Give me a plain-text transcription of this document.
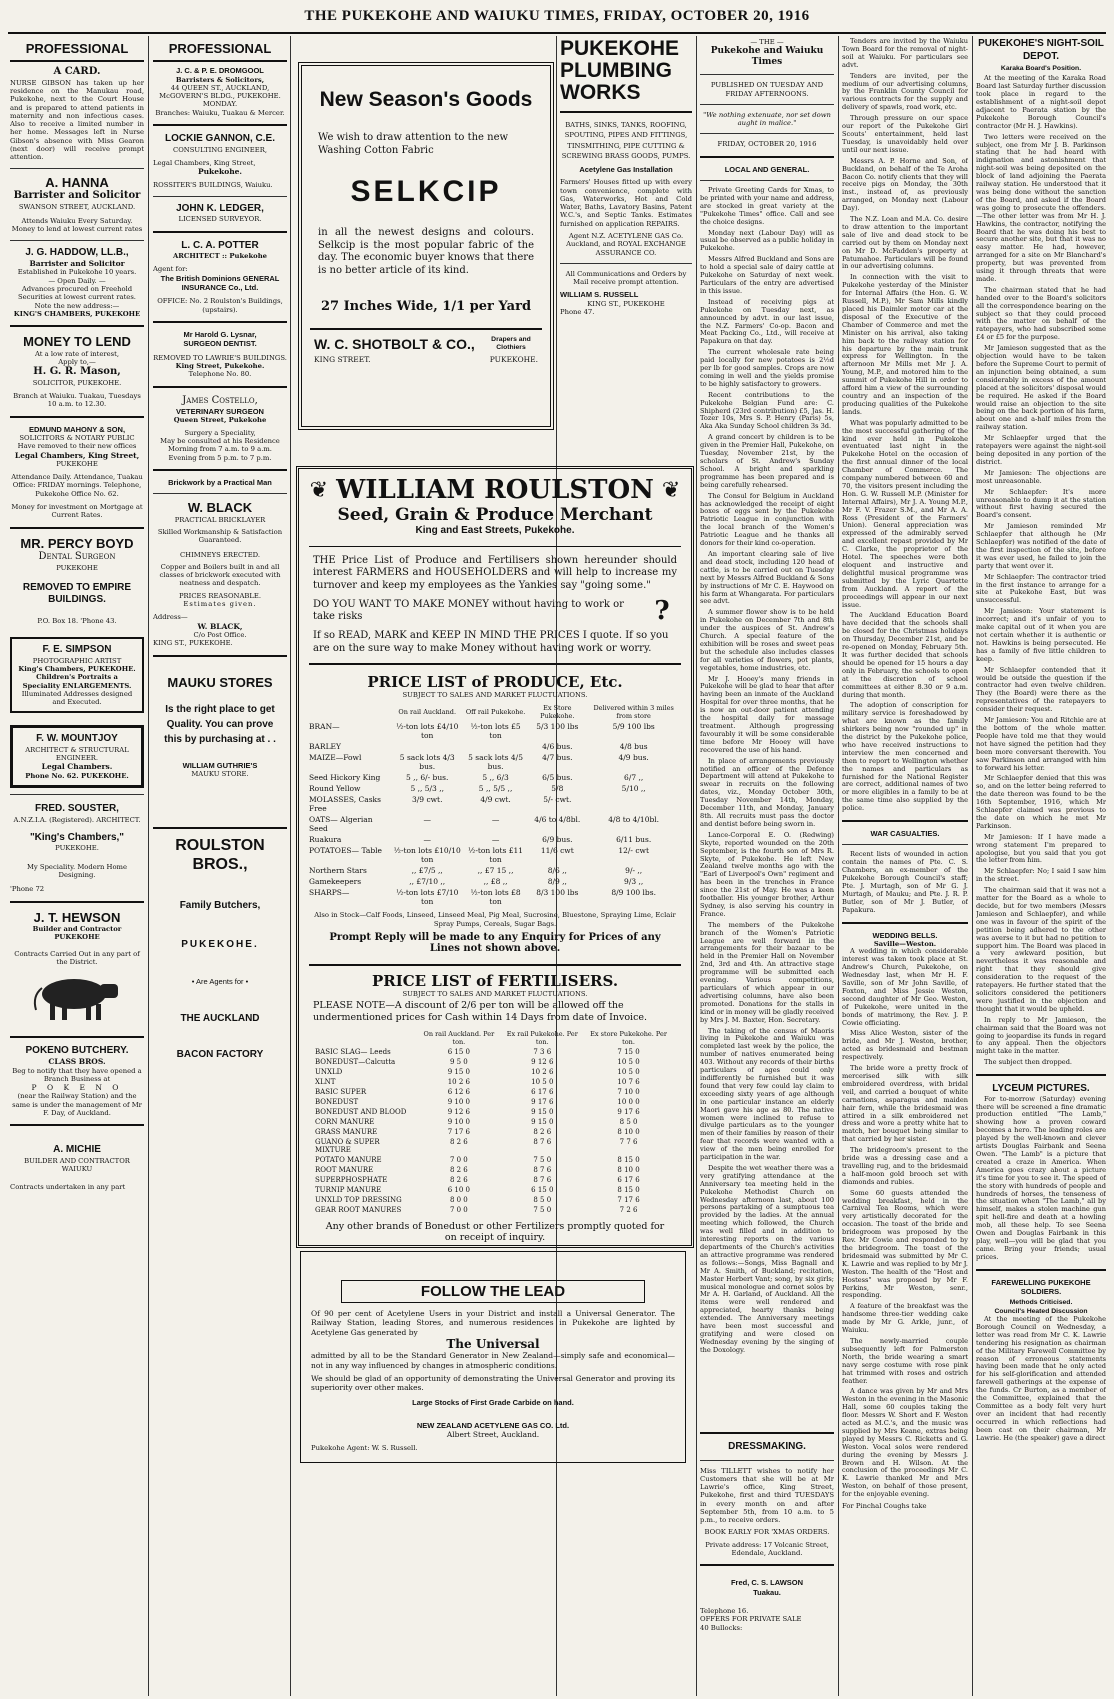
THE PUKEKOHE AND WAIUKU TIMES, FRIDAY, OCTOBER 20, 1916
PROFESSIONAL
A CARD.
NURSE GIBSON has taken up her residence on the Manukau road, Pukekohe, next to the Court House and is prepared to attend patients in maternity and non infectious cases. Also to receive a limited number in her home. Messages left in Nurse Gibson's absence with Miss Gearon (next door) will receive prompt attention.
A. HANNA
Barrister and Solicitor
SWANSON STREET, AUCKLAND.
Attends Waiuku Every Saturday. Money to lend at lowest current rates
J. G. HADDOW, LL.B.,
Barrister and Solicitor
Established in Pukekohe 10 years.
— Open Daily. —
Advances procured on Freehold Securities at lowest current rates. Note the new address:—
KING'S CHAMBERS, PUKEKOHE
MONEY TO LEND
At a low rate of interest,
Apply to,—
H. G. R. Mason,
SOLICITOR, PUKEKOHE.
Branch at Waiuku. Tuakau, Tuesdays 10 a.m. to 12.30.
EDMUND MAHONY & SON,
SOLICITORS & NOTARY PUBLIC
Have removed to their new offices
Legal Chambers, King Street,
PUKEKOHE
Attendance Daily. Attendance, Tuakau Office: FRIDAY mornings. Telephone, Pukekohe Office No. 62.
Money for investment on Mortgage at Current Rates.
MR. PERCY BOYD
Dental Surgeon
PUKEKOHE
REMOVED TO EMPIRE BUILDINGS.
P.O. Box 18. 'Phone 43.
F. E. SIMPSON
PHOTOGRAPHIC ARTIST
King's Chambers, PUKEKOHE.
Children's Portraits a Speciality ENLARGEMENTS.
Illuminated Addresses designed and Executed.
F. W. MOUNTJOY
ARCHITECT & STRUCTURAL ENGINEER.
Legal Chambers.
Phone No. 62. PUKEKOHE.
FRED. SOUSTER,
A.N.Z.I.A. (Registered). ARCHITECT.
"King's Chambers,"
PUKEKOHE.
My Speciality. Modern Home Designing.
'Phone 72
J. T. HEWSON
Builder and Contractor PUKEKOHE
Contracts Carried Out in any part of the District.
POKENO BUTCHERY.
CLASS BROS.
Beg to notify that they have opened a Branch Business at
P O K E N O
(near the Railway Station) and the same is under the management of Mr F. Day, of Auckland.
A. MICHIE
BUILDER AND CONTRACTOR WAIUKU
Contracts undertaken in any part
PROFESSIONAL
J. C. & P. E. DROMGOOL
Barristers & Solicitors,
44 QUEEN ST., AUCKLAND,
McGOVERN'S BLDG., PUKEKOHE. MONDAY.
Branches: Waiuku, Tuakau & Mercer.
LOCKIE GANNON, C.E.
CONSULTING ENGINEER,
Legal Chambers, King Street,
Pukekohe.
ROSSITER'S BUILDINGS, Waiuku.
JOHN K. LEDGER,
LICENSED SURVEYOR.
L. C. A. POTTER
ARCHITECT :: Pukekohe
Agent for:
The British Dominions GENERAL INSURANCE Co., Ltd.
OFFICE: No. 2 Roulston's Buildings, (upstairs).
Mr Harold G. Lysnar,
SURGEON DENTIST.
REMOVED TO LAWRIE'S BUILDINGS.
King Street, Pukekohe.
Telephone No. 80.
James Costello,
VETERINARY SURGEON
Queen Street, Pukekohe
Surgery a Speciality,
May be consulted at his Residence
Morning from 7 a.m. to 9 a.m.
Evening from 5 p.m. to 7 p.m.
Brickwork by a Practical Man
W. BLACK
PRACTICAL BRICKLAYER
Skilled Workmanship & Satisfaction Guaranteed.
CHIMNEYS ERECTED.
Copper and Boilers built in and all classes of brickwork executed with neatness and despatch.
PRICES REASONABLE.
Estimates given.
Address—
W. BLACK,
C/o Post Office.
KING ST., PUKEKOHE.
MAUKU STORES
Is the right place to get Quality. You can prove this by purchasing at . .
WILLIAM GUTHRIE'S
MAUKU STORE.
ROULSTON BROS.,
Family Butchers,
PUKEKOHE.
• Are Agents for •
THE AUCKLAND
BACON FACTORY
New Season's Goods
We wish to draw attention to the new Washing Cotton Fabric
SELKCIP
in all the newest designs and colours. Selkcip is the most popular fabric of the day. The economic buyer knows that there is no better article of its kind.
27 Inches Wide, 1/1 per Yard
W. C. SHOTBOLT & CO.,	Drapers and Clothiers
KING STREET.	PUKEKOHE.
PUKEKOHE PLUMBING WORKS
BATHS, SINKS, TANKS, ROOFING, SPOUTING, PIPES AND FITTINGS, TINSMITHING, PIPE CUTTING & SCREWING BRASS GOODS, PUMPS.
Acetylene Gas Installation
Farmers' Houses fitted up with every town convenience, complete with Gas, Waterworks, Hot and Cold Water, Baths, Lavatory Basins, Patent W.C.'s, and Septic Tanks. Estimates furnished on application REPAIRS.
Agent N.Z. ACETYLENE GAS Co. Auckland, and ROYAL EXCHANGE ASSURANCE CO.
All Communications and Orders by Mail receive prompt attention.
WILLIAM S. RUSSELL
KING ST., PUKEKOHE
Phone 47.
❦ WILLIAM ROULSTON ❦
Seed, Grain & Produce Merchant
King and East Streets, Pukekohe.
THE Price List of Produce and Fertilisers shown hereunder should interest FARMERS and HOUSEHOLDERS and will help to increase my turnover and keep my employees as the Yankies say "going some."
DO YOU WANT TO MAKE MONEY without having to work or take risks	?
If so READ, MARK and KEEP IN MIND THE PRICES I quote. If so you are on the sure way to make Money without having work or worry.
PRICE LIST of PRODUCE, Etc.
SUBJECT TO SALES AND MARKET FLUCTUATIONS.
	On rail Auckland.	Off rail Pukekohe.	Ex Store Pukekohe.	Delivered within 3 miles from store
BRAN—	½-ton lots £4/10 ton	½-ton lots £5 ton	5/3 100 lbs	5/9 100 lbs
BARLEY			4/6 bus.	4/8 bus
MAIZE—Fowl	5 sack lots 4/3 bus.	5 sack lots 4/5 bus.	4/7 bus.	4/9 bus.
Seed Hickory King	5 ,, 6/- bus.	5 ,, 6/3	6/5 bus.	6/7 ,,
Round Yellow	5 ,, 5/3 ,,	5 ,, 5/5 ,,	5/8	5/10 ,,
MOLASSES, Casks Free	3/9 cwt.	4/9 cwt.	5/- cwt.	
OATS— Algerian Seed	—	—	4/6 to 4/8bl.	4/8 to 4/10bl.
Ruakura	—	—	6/9 bus.	6/11 bus.
POTATOES— Table	½-ton lots £10/10 ton	½-ton lots £11 ton	11/6 cwt	12/- cwt
Northern Stars	,, £7/5 ,,	,, £7 15 ,,	8/6 ,,	9/- ,,
Gamekeepers	,, £7/10 ,,	,, £8 ,,	8/9 ,,	9/3 ,,
SHARPS—	½-ton lots £7/10 ton	½-ton lots £8 ton	8/3 100 lbs	8/9 100 lbs.
Also in Stock—Calf Foods, Linseed, Linseed Meal, Pig Meal, Sucrosine, Bluestone, Spraying Lime, Eclair Spray Pumps, Cereals, Sugar Bags.
Prompt Reply will be made to any Enquiry for Prices of any Lines not shown above.
PRICE LIST of FERTILISERS.
SUBJECT TO SALES AND MARKET FLUCTUATIONS.
PLEASE NOTE—A discount of 2/6 per ton will be allowed off the undermentioned prices for Cash within 14 Days from date of Invoice.
	On rail Auckland. Per ton.	Ex rail Pukekohe. Per ton.	Ex store Pukekohe. Per ton.
BASIC SLAG— Leeds	6 15 0	7 3 6	7 15 0
BONEDUST—Calcutta	9 5 0	9 12 6	10 5 0
UNXLD	9 15 0	10 2 6	10 5 0
XLNT	10 2 6	10 5 0	10 7 6
BASIC SUPER	6 12 6	6 17 6	7 10 0
BONEDUST	9 10 0	9 17 6	10 0 0
BONEDUST AND BLOOD	9 12 6	9 15 0	9 17 6
CORN MANURE	9 10 0	9 15 0	8 5 0
GRASS MANURE	7 17 6	8 2 6	8 10 0
GUANO & SUPER MIXTURE	8 2 6	8 7 6	7 7 6
POTATO MANURE	7 0 0	7 5 0	8 15 0
ROOT MANURE	8 2 6	8 7 6	8 10 0
SUPERPHOSPHATE	8 2 6	8 7 6	6 17 6
TURNIP MANURE	6 10 0	6 15 0	8 15 0
UNXLD TOP DRESSING	8 0 0	8 5 0	7 17 6
GEAR ROOT MANURES	7 0 0	7 5 0	7 2 6
Any other brands of Bonedust or other Fertilizers promptly quoted for on receipt of inquiry.
FOLLOW THE LEAD
Of 90 per cent of Acetylene Users in your District and install a Universal Generator. The Railway Station, leading Stores, and numerous residences in Pukekohe are lighted by Acetylene Gas generated by
The Universal
admitted by all to be the Standard Generator in New Zealand—simply safe and economical—not in any way influenced by changes in atmospheric conditions.
We should be glad of an opportunity of demonstrating the Universal Generator and proving its superiority over other makes.
Large Stocks of First Grade Carbide on hand.
NEW ZEALAND ACETYLENE GAS CO. Ltd.
Albert Street, Auckland.
Pukekohe Agent: W. S. Russell.
— THE —
Pukekohe and Waiuku Times
PUBLISHED ON TUESDAY AND FRIDAY AFTERNOONS.
"We nothing extenuate, nor set down aught in malice."
FRIDAY, OCTOBER 20, 1916
LOCAL AND GENERAL.

Private Greeting Cards for Xmas, to be printed with your name and address, are stocked in great variety at the "Pukekohe Times" office. Call and see the choice designs.

Monday next (Labour Day) will as usual be observed as a public holiday in Pukekohe.

Messrs Alfred Buckland and Sons are to hold a special sale of dairy cattle at Pukekohe on Saturday of next week. Particulars of the entry are advertised in this issue.

Instead of receiving pigs at Pukekohe on Tuesday next, as announced by advt. in our last issue, the N.Z. Farmers' Co-op. Bacon and Meat Packing Co., Ltd., will receive at Papakura on that day.

The current wholesale rate being paid locally for new potatoes is 2½d per lb for good samples. Crops are now coming in well and the yields promise to be highly satisfactory to growers.

Recent contributions to the Pukekohe Belgian Fund are: C. Shipherd (23rd contribution) £5, Jas. H. Tozer 10s, Mrs S. P. Henry (Paris) 5s, Aka Aka Sunday School children 3s 3d.

A grand concert by children is to be given in the Premier Hall, Pukekohe, on Tuesday, November 21st, by the scholars of St. Andrew's Sunday School. A bright and sparkling programme has been prepared and is being carefully rehearsed.

The Consul for Belgium in Auckland has acknowledged the receipt of eight boxes of eggs sent by the Pukekohe Patriotic League in conjunction with the local branch of the Women's Patriotic League and he thanks all donors for their kind co-operation.

An important clearing sale of live and dead stock, including 120 head of cattle, is to be carried out on Tuesday next by Messrs Alfred Buckland & Sons by instructions of Mr C. E. Haywood on his farm at Whangarata. For particulars see advt.

A summer flower show is to be held in Pukekohe on December 7th and 8th under the auspices of St. Andrew's Church. A special feature of the exhibition will be roses and sweet peas but the schedule also includes classes for all varieties of flowers, pot plants, vegetables, home industries, etc.

Mr J. Hooey's many friends in Pukekohe will be glad to hear that after having been an inmate of the Auckland Hospital for over three months, that he is now an out-door patient attending the hospital daily for massage treatment. Although progressing favourably it will be some considerable time before Mr Hooey will have recovered the use of his hand.

In place of arrangements previously notified an officer of the Defence Department will attend at Pukekohe to swear in recruits on the following dates, viz., Monday October 30th, Tuesday November 14th, Monday, December 11th, and Monday, January 8th. All recruits must pass the doctor and dentist before being sworn in.

Lance-Corporal E. O. (Redwing) Skyte, reported wounded on the 20th September, is the fourth son of Mrs R. Skyte, of Pukekohe. He left New Zealand twelve months ago with the "Earl of Liverpool's Own" regiment and has been in the trenches in France since the 21st of May. He was a keen footballer. His younger brother, Arthur Sydney, is also serving his country in France.

The members of the Pukekohe branch of the Women's Patriotic League are well forward in the arrangements for their bazaar to be held in the Premier Hall on November 2nd, 3rd and 4th. An attractive stage programme will be submitted each evening. Various competitions, particulars of which appear in our advertising columns, have also been promoted. Donations for the stalls in kind or in money will be gladly received by Mrs J. M. Baxter, Hon. Secretary.

The taking of the census of Maoris living in Pukekohe and Waiuku was completed last week by the police, the number of natives enumerated being 403. Without any records of their births particulars of ages could only indifferently be furnished but it was found that very few could lay claim to exceeding sixty years of age although in one particular instance an elderly Maori gave his age as 80. The native women were inclined to refuse to divulge particulars as to the younger men of their families by reason of their fear that records were wanted with a view of the men being enrolled for participation in the war.

Despite the wet weather there was a very gratifying attendance at the Anniversary tea meeting held in the Pukekohe Methodist Church on Wednesday afternoon last, about 100 persons partaking of a sumptuous tea provided by the ladies. At the annual meeting which followed, the Church was well filled and in addition to interesting reports on the various departments of the Church's activities an attractive programme was rendered as follows:—Songs, Miss Bagnall and Mr A. Smith, of Buckland; recitation, Master Herbert Vant; song, by six girls; musical monologue and cornet solos by Mr A. H. Garland, of Auckland. All the items were well rendered and appreciated, hearty thanks being extended. The Anniversary meetings have been most successful and gratifying and were closed on Wednesday evening by the singing of the Doxology.

DRESSMAKING.
Miss TILLETT wishes to notify her Customers that she will be at Mr Lawrie's office, King Street, Pukekohe, first and third TUESDAYS in every month on and after September 5th, from 10 a.m. to 5 p.m., to receive orders.
BOOK EARLY FOR 'XMAS ORDERS.
Private address: 17 Volcanic Street, Edendale, Auckland.
Fred, C. S. LAWSON
Tuakau.
Telephone 16.
OFFERS FOR PRIVATE SALE
40 Bullocks:

Tenders are invited by the Waiuku Town Board for the removal of night-soil at Waiuku. For particulars see advt.

Tenders are invited, per the medium of our advertising columns, by the Franklin County Council for various contracts for the supply and delivery of spawls, road work, etc.

Through pressure on our space our report of the Pukekohe Girl Scouts' entertainment, held last Tuesday, is unavoidably held over until our next issue.

Messrs A. P. Horne and Son, of Buckland, on behalf of the Te Aroha Bacon Co. notify clients that they will receive pigs on Monday, the 30th inst., instead of, as previously arranged, on Monday next (Labour Day).

The N.Z. Loan and M.A. Co. desire to draw attention to the important sale of live and dead stock to be carried out by them on Monday next on Mr D. McFadden's property at Patumahoe. Particulars will be found in our advertising columns.

In connection with the visit to Pukekohe yesterday of the Minister for Internal Affairs (the Hon. G. W. Russell, M.P.), Mr Sam Mills kindly placed his Daimler motor car at the disposal of the Executive of the Chamber of Commerce and met the Minister on his arrival, also taking him back to the railway station for his departure by the main trunk express for Wellington. In the afternoon Mr Mills met Mr J. A. Young, M.P., and motored him to the summit of Pukekohe Hill in order to afford him a view of the surrounding country and an inspection of the producing qualities of the Pukekohe lands.

What was popularly admitted to be the most successful gathering of the kind ever held in Pukekohe eventuated last night in the Pukekohe Hotel on the occasion of the first annual dinner of the local Chamber of Commerce. The company numbered between 60 and 70, the visitors present including the Hon. G. W. Russell M.P. (Minister for Internal Affairs), Mr J. A. Young M.P., Mr F. V. Frazer S.M., and Mr A. A. Ross (President of the Farmers' Union). General appreciation was expressed of the admirably served and excellent repast provided by Mr C. Clarke, the proprietor of the Hotel. The speeches were both eloquent and instructive and delightful musical programme was submitted by the Lyric Quartette from Auckland. A report of the proceedings will appear in our next issue.

The Auckland Education Board have decided that the schools shall be closed for the Christmas holidays on Thursday, December 21st, and be re-opened on Monday, February 5th. It was further decided that schools should be opened for 15 hours a day only in February, the schools to open at the discretion of school committees at either 8.30 or 9 a.m. during that month.

The adoption of conscription for military service is foreshadowed by what are known as the family shirkers being now "rounded up" in the district by the Pukekohe police, who have received instructions to interview the men concerned and then to report to Wellington whether the names and particulars as furnished for the National Register are correct, additional names of two or more eligibles in a family to be at the same time also supplied by the police.

WAR CASUALTIES.

Recent lists of wounded in action contain the names of Pte. C. S. Chambers, an ex-member of the Pukekohe Borough Council's staff; Pte. J. Murtagh, son of Mr G. J. Murtagh, of Mauku; and Pte. J. R. P. Butler, son of Mr J. Butler, of Papakura.

WEDDING BELLS.
Saville—Weston.

A wedding in which considerable interest was taken took place at St. Andrew's Church, Pukekohe, on Wednesday last, when Mr H. F. Saville, son of Mr John Saville, of Foxton, and Miss Jessie Weston, second daughter of Mr Geo. Weston, of Pukekohe, were united in the bonds of matrimony, the Rev. J. P. Cowie officiating.

Miss Alice Weston, sister of the bride, and Mr J. Weston, brother, acted as bridesmaid and bestman respectively.

The bride wore a pretty frock of mercerised silk with silk embroidered overdress, with bridal veil, and carried a bouquet of white carnations, asparagus and maiden hair fern, while the bridesmaid was attired in a silk embroidered net dress and wore a pretty white hat to match, her bouquet being similar to that carried by her sister.

The bridegroom's present to the bride was a dressing case and a travelling rug, and to the bridesmaid a half-moon gold brooch set with diamonds and rubies.

Some 60 guests attended the wedding breakfast, held in the Carnival Tea Rooms, which were very artistically decorated for the occasion. The toast of the bride and bridegroom was proposed by the Rev. Mr Cowie and responded to by the bridegroom. The toast of the bridesmaid was submitted by Mr C. K. Lawrie and was replied to by Mr J. Weston. The health of the "Host and Hostess" was proposed by Mr F. Perkins, Mr Weston, senr., responding.

A feature of the breakfast was the handsome three-tier wedding cake made by Mr G. Arkle, junr., of Waiuku.

The newly-married couple subsequently left for Palmerston North, the bride wearing a smart navy serge costume with rose pink hat trimmed with roses and ostrich feather.

A dance was given by Mr and Mrs Weston in the evening in the Masonic Hall, some 60 couples taking the floor. Messrs W. Short and F. Weston acted as M.C.'s, and the music was supplied by Mrs Keane, extras being played by Messrs C. Ricketts and G. Weston. Vocal solos were rendered during the evening by Messrs J. Brown and H. Wilson. At the conclusion of the proceedings Mr C. K. Lawrie thanked Mr and Mrs Weston, on behalf of those present, for the enjoyable evening.

For Pinchal Coughs take
PUKEKOHE'S NIGHT-SOIL DEPOT.
Karaka Board's Position.

At the meeting of the Karaka Road Board last Saturday further discussion took place in regard to the establishment of a night-soil depot adjacent to Paerata station by the Pukekohe Borough Council's contractor (Mr H. J. Hawkins).

Two letters were received on the subject, one from Mr J. B. Parkinson stating that he had heard with indignation and astonishment that night-soil was being deposited on the block of land adjoining the Paerata railway station. He understood that it was being done without the sanction of the Board, and asked if the Board was going to prosecute the offenders.—The other letter was from Mr H. J. Hawkins, the contractor, notifying the Board that he was doing his best to secure another site, but that it was no easy matter. He had, however, arranged for a site on Mr Blanchard's property, but was prevented from using it through threats that were made.

The chairman stated that he had handed over to the Board's solicitors all the correspondence bearing on the subject so that they could proceed with the matter on behalf of the ratepayers, who had subscribed some £4 or £5 for the purpose.

Mr Jamieson suggested that as the objection would have to be taken before the Supreme Court to permit of an injunction being obtained, a sum considerably in excess of the amount placed at the solicitors' disposal would be required. He asked if the Board would raise an objection to the site being on the back portion of his farm, about one and a-half miles from the railway station.

Mr Schlaepfer urged that the ratepayers were against the night-soil being deposited in any portion of the district.

Mr Jamieson: The objections are most unreasonable.

Mr Schlaepfer: It's more unreasonable to dump it at the station without first having secured the Board's consent.

Mr Jamieson reminded Mr Schlaepfer that although he (Mr Schlaepfer) was notified of the date of the first inspection of the site, before it was ever used, he failed to join the party that went over it.

Mr Schlaepfer: The contractor tried in the first instance to arrange for a site at Pukekohe East, but was unsuccessful.

Mr Jamieson: Your statement is incorrect; and it's unfair of you to make capital out of it when you are not certain whether it is authentic or not. Hawkins is being persecuted. He has a family of five little children to keep.

Mr Schlaepfer contended that it would be outside the question if the contractor had even twelve children. They (the Board) were there as the representatives of the ratepayers to consider their request.

Mr Jamieson: You and Ritchie are at the bottom of the whole matter. People have told me that they would not have signed the petition had they been more conversant therewith. You saw Parkinson and arranged with him to forward his letter.

Mr Schlaepfer denied that this was so, and on the letter being referred to the date thereon was found to be the 16th September, 1916, which Mr Schlaepfer claimed was previous to the date on which he met Mr Parkinson.

Mr Jamieson: If I have made a wrong statement I'm prepared to apologise, but you said that you got the letter from him.

Mr Schlaepfer: No; I said I saw him in the street.

The chairman said that it was not a matter for the Board as a whole to decide, but for two members (Messrs Jamieson and Schlaepfer), and while one was in favour of the spirit of the petition being adhered to the other was averse to it but had no petition to support him. The Board was placed in a very awkward position, but nevertheless it was reasonable and right that they should give consideration to the request of the ratepayers. He further stated that the solicitors considered the petitioners were justified in the objection and thought that it would be upheld.

In reply to Mr Jamieson, the chairman said that the Board was not going to jeopardise its funds in regard to any appeal. Then the objectors might take in the matter.

The subject then dropped.

LYCEUM PICTURES.

For to-morrow (Saturday) evening there will be screened a fine dramatic production entitled "The Lamb," showing how a proven coward becomes a hero. The leading roles are played by the well-known and clever artists Douglas Fairbank and Seena Owen. "The Lamb" is a picture that created a craze in America. When America goes crazy about a picture it's time for you to see it. The speed of the story with hundreds of people and hundreds of horses, the tenseness of the situation when "The Lamb," all by himself, makes a stolen machine gun spit hell-fire and death at a howling mob, all these help. To see Seena Owen and Douglas Fairbank in this play, well—you will be glad that you came. Bring your friends; usual prices.

FAREWELLING PUKEKOHE SOLDIERS.
Methods Criticised.
Council's Heated Discussion

At the meeting of the Pukekohe Borough Council on Wednesday, a letter was read from Mr C. K. Lawrie tendering his resignation as chairman of the Military Farewell Committee by reason of erroneous statements having been made that he only acted for his self-glorification and attended farewell gatherings at the expense of the funds. Cr Burton, as a member of the Committee, explained that the Committee as a body felt very hurt over an incident that had recently occurred in which reflections had been cast on their chairman, Mr Lawrie. He (the speaker) gave a direct
